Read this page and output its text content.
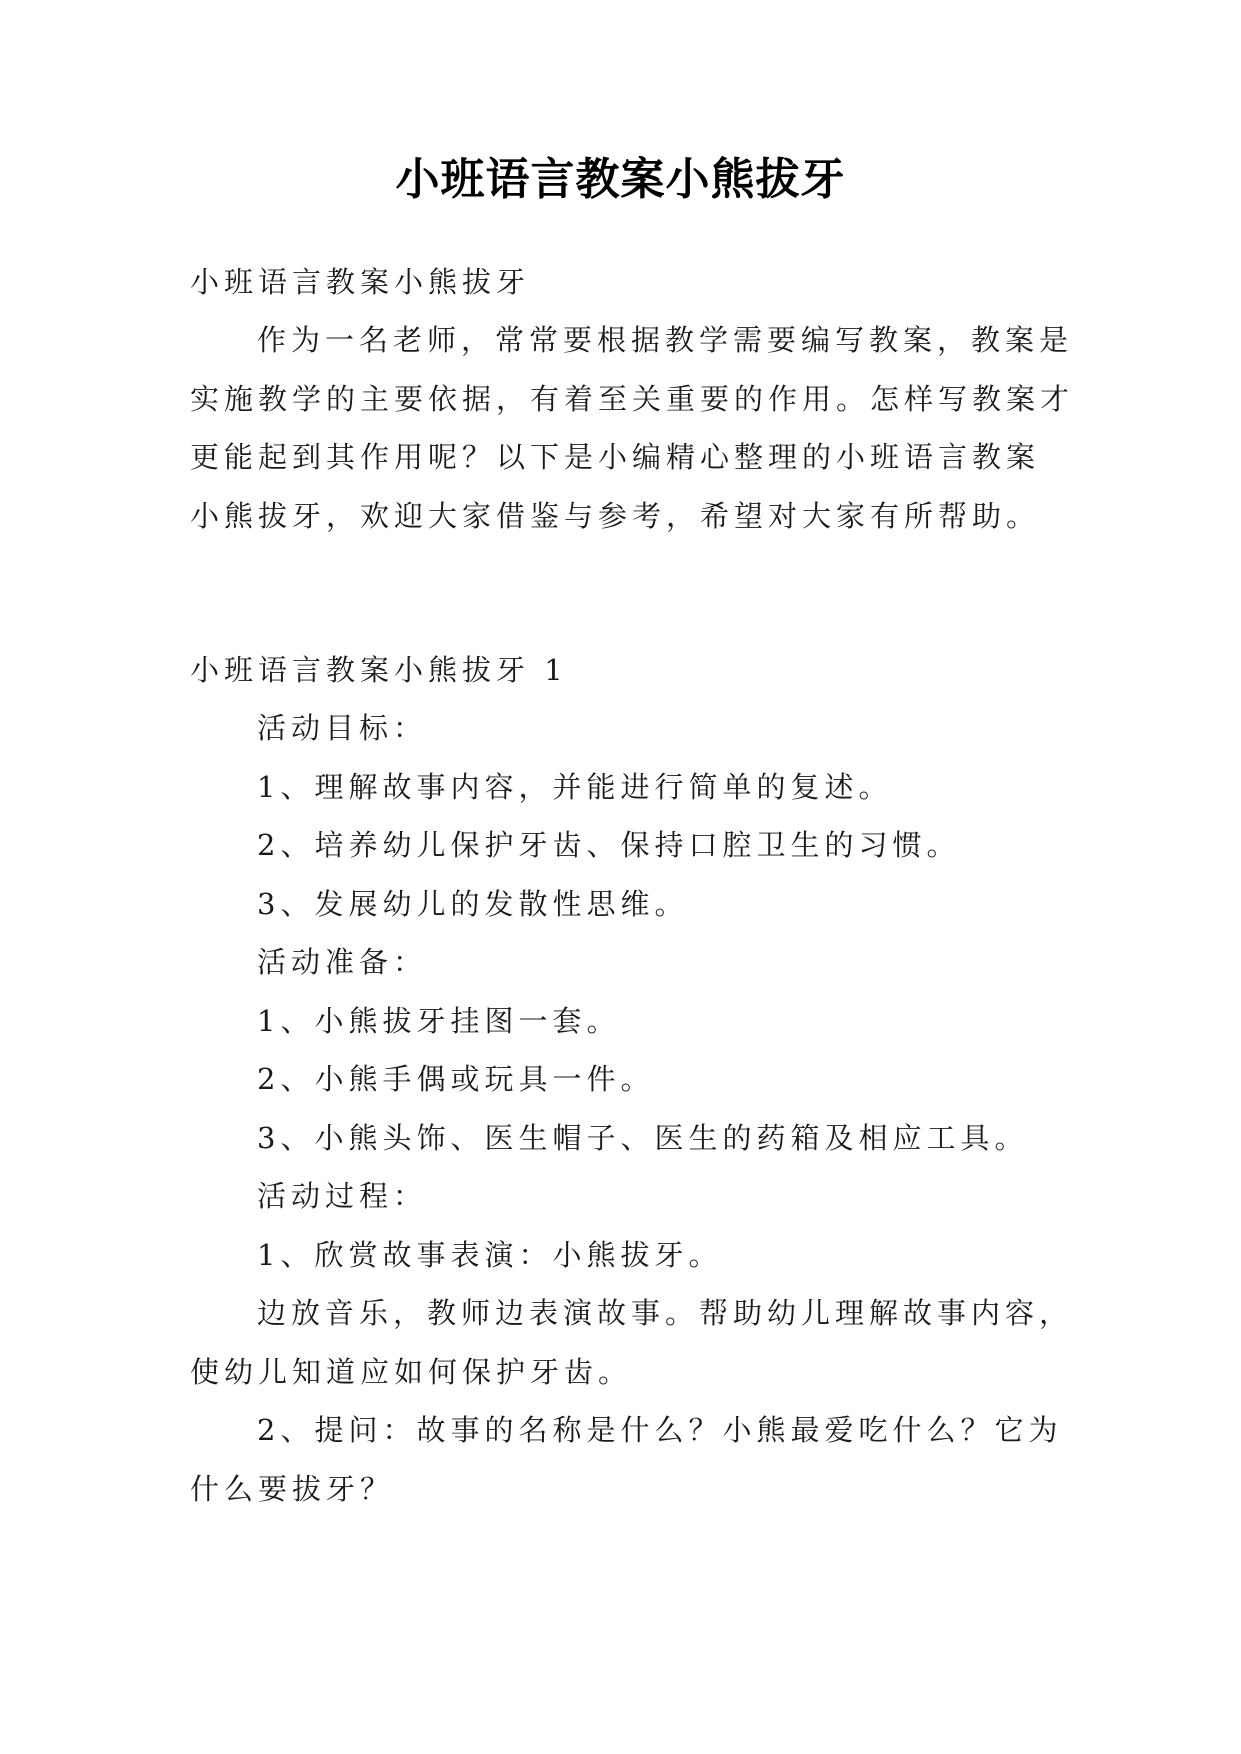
小班语言教案小熊拔牙
小班语言教案小熊拔牙
作为一名老师，常常要根据教学需要编写教案，教案是
实施教学的主要依据，有着至关重要的作用。怎样写教案才
更能起到其作用呢？以下是小编精心整理的小班语言教案
小熊拔牙，欢迎大家借鉴与参考，希望对大家有所帮助。
小班语言教案小熊拔牙 1
活动目标：
1、理解故事内容，并能进行简单的复述。
2、培养幼儿保护牙齿、保持口腔卫生的习惯。
3、发展幼儿的发散性思维。
活动准备：
1、小熊拔牙挂图一套。
2、小熊手偶或玩具一件。
3、小熊头饰、医生帽子、医生的药箱及相应工具。
活动过程：
1、欣赏故事表演：小熊拔牙。
边放音乐，教师边表演故事。帮助幼儿理解故事内容，
使幼儿知道应如何保护牙齿。
2、提问：故事的名称是什么？小熊最爱吃什么？它为
什么要拔牙？
